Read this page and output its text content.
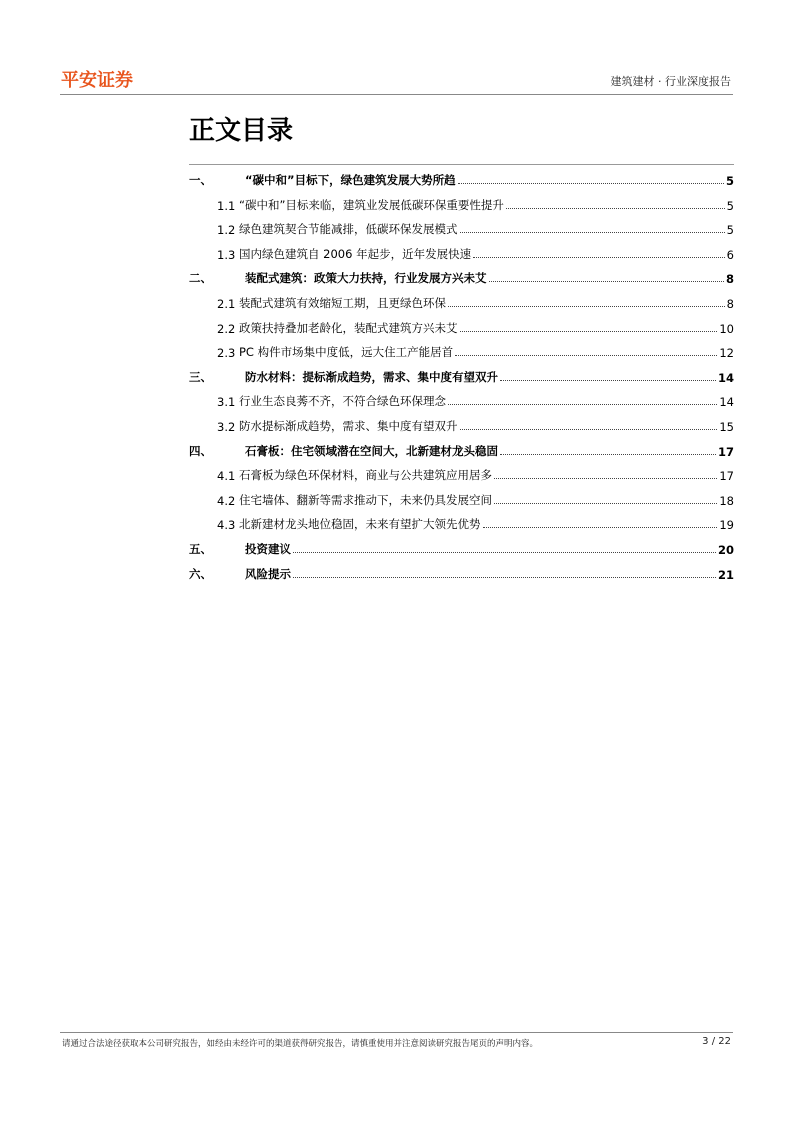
平安证券	建筑建材 · 行业深度报告
正文目录
一、	“碳中和”目标下，绿色建筑发展大势所趋	5
1.1 “碳中和”目标来临，建筑业发展低碳环保重要性提升	5
1.2 绿色建筑契合节能减排，低碳环保发展模式	5
1.3 国内绿色建筑自 2006 年起步，近年发展快速	6
二、	装配式建筑：政策大力扶持，行业发展方兴未艾	8
2.1 装配式建筑有效缩短工期，且更绿色环保	8
2.2 政策扶持叠加老龄化，装配式建筑方兴未艾	10
2.3 PC 构件市场集中度低，远大住工产能居首	12
三、	防水材料：提标渐成趋势，需求、集中度有望双升	14
3.1 行业生态良莠不齐，不符合绿色环保理念	14
3.2 防水提标渐成趋势，需求、集中度有望双升	15
四、	石膏板：住宅领域潜在空间大，北新建材龙头稳固	17
4.1 石膏板为绿色环保材料，商业与公共建筑应用居多	17
4.2 住宅墙体、翻新等需求推动下，未来仍具发展空间	18
4.3 北新建材龙头地位稳固，未来有望扩大领先优势	19
五、	投资建议	20
六、	风险提示	21
请通过合法途径获取本公司研究报告，如经由未经许可的渠道获得研究报告，请慎重使用并注意阅读研究报告尾页的声明内容。	3 / 22
